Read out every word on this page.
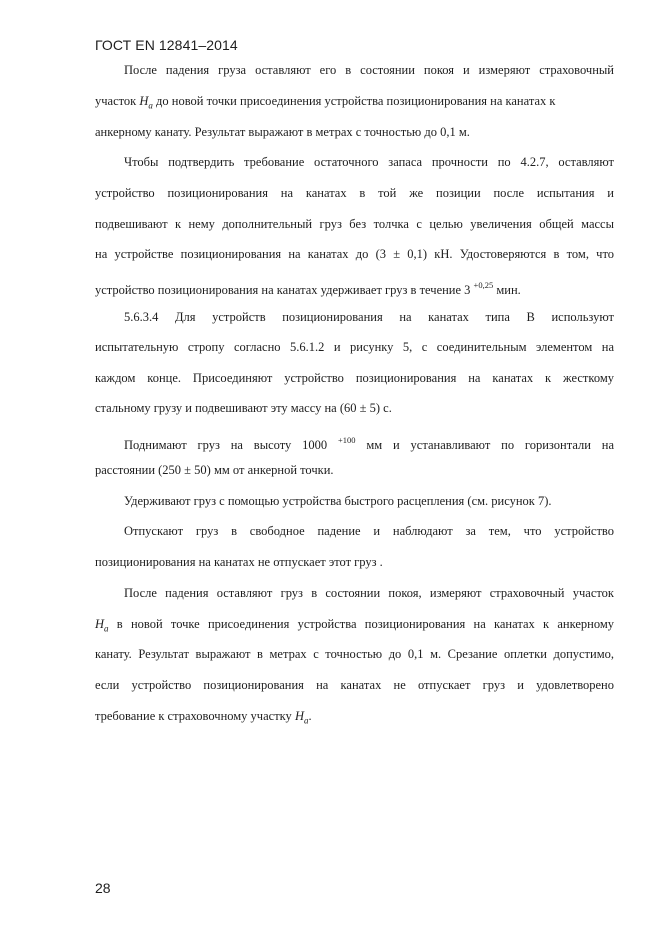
ГОСТ EN 12841–2014
После падения груза оставляют его в состоянии покоя и измеряют страховочный
участок $H_a$ до новой точки присоединения устройства позиционирования на канатах к
анкерному канату. Результат выражают в метрах с точностью до 0,1 м.
Чтобы подтвердить требование остаточного запаса прочности по 4.2.7, оставляют
устройство позиционирования на канатах в той же позиции после испытания и
подвешивают к нему дополнительный груз без толчка с целью увеличения общей массы
на устройстве позиционирования на канатах до (3 ± 0,1) кН. Удостоверяются в том, что
устройство позиционирования на канатах удерживает груз в течение 3 $^{+0,25}$ мин.
5.6.3.4 Для устройств позиционирования на канатах типа В используют
испытательную стропу согласно 5.6.1.2 и рисунку 5, с соединительным элементом на
каждом конце. Присоединяют устройство позиционирования на канатах к жесткому
стальному грузу и подвешивают эту массу на (60 ± 5) с.
Поднимают груз на высоту 1000 $^{+100}$ мм и устанавливают по горизонтали на
расстоянии (250 ± 50) мм от анкерной точки.
Удерживают груз с помощью устройства быстрого расцепления (см. рисунок 7).
Отпускают груз в свободное падение и наблюдают за тем, что устройство
позиционирования на канатах не отпускает этот груз .
После падения оставляют груз в состоянии покоя, измеряют страховочный участок
$H_a$ в новой точке присоединения устройства позиционирования на канатах к анкерному
канату. Результат выражают в метрах с точностью до 0,1 м. Срезание оплетки допустимо,
если устройство позиционирования на канатах не отпускает груз и удовлетворено
требование к страховочному участку $H_a$.
28
